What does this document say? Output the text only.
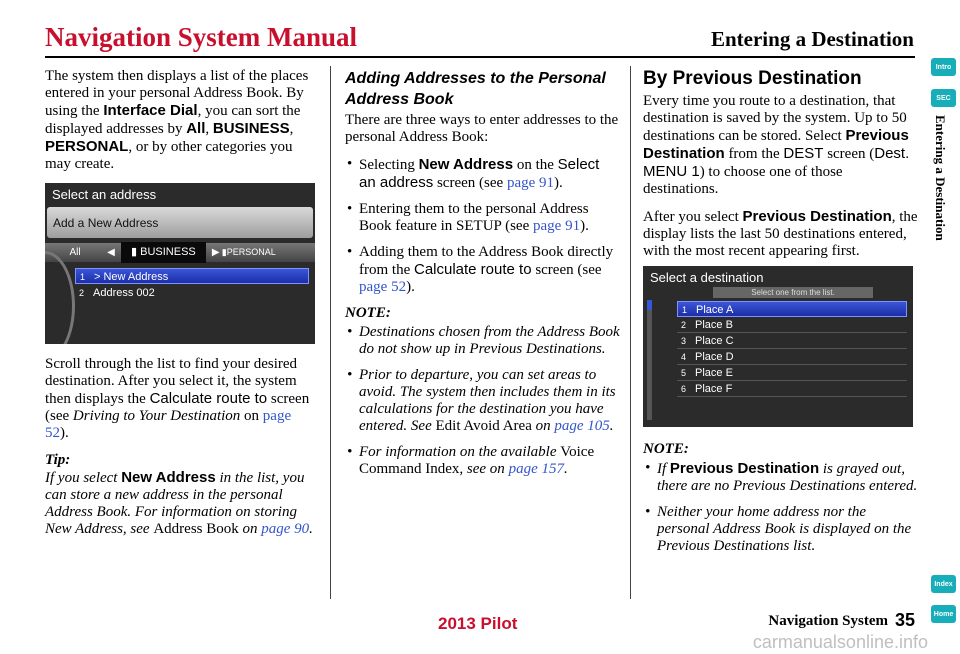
Navigation System Manual	Entering a Destination
Intro
SEC
Entering a Destination
Index
Home

The system then displays a list of the places entered in your personal Address Book. By using the Interface Dial, you can sort the displayed addresses by All, BUSINESS, PERSONAL, or by other categories you may create.

Select an address
Add a New Address
All	◀	▮ BUSINESS	▶ ▮PERSONAL
1 > New Address
2 Address 002

Scroll through the list to find your desired destination. After you select it, the system then displays the Calculate route to screen (see Driving to Your Destination on page 52).

Tip:

If you select New Address in the list, you can store a new address in the personal Address Book. For information on storing New Address, see Address Book on page 90.

Adding Addresses to the Personal Address Book

There are three ways to enter addresses to the personal Address Book:

• Selecting New Address on the Select an address screen (see page 91).
• Entering them to the personal Address Book feature in SETUP (see page 91).
• Adding them to the Address Book directly from the Calculate route to screen (see page 52).
NOTE:
• Destinations chosen from the Address Book do not show up in Previous Destinations.
• Prior to departure, you can set areas to avoid. The system then includes them in its calculations for the destination you have entered. See Edit Avoid Area on page 105.
• For information on the available Voice Command Index, see on page 157.
By Previous Destination

Every time you route to a destination, that destination is saved by the system. Up to 50 destinations can be stored. Select Previous Destination from the DEST screen (Dest. MENU 1) to choose one of those destinations.

After you select Previous Destination, the display lists the last 50 destinations entered, with the most recent appearing first.

Select a destination
Select one from the list.
1 Place A
2 Place B
3 Place C
4 Place D
5 Place E
6 Place F
NOTE:
• If Previous Destination is grayed out, there are no Previous Destinations entered.
• Neither your home address nor the personal Address Book is displayed on the Previous Destinations list.
2013 Pilot	Navigation System 35
carmanualsonline.info
